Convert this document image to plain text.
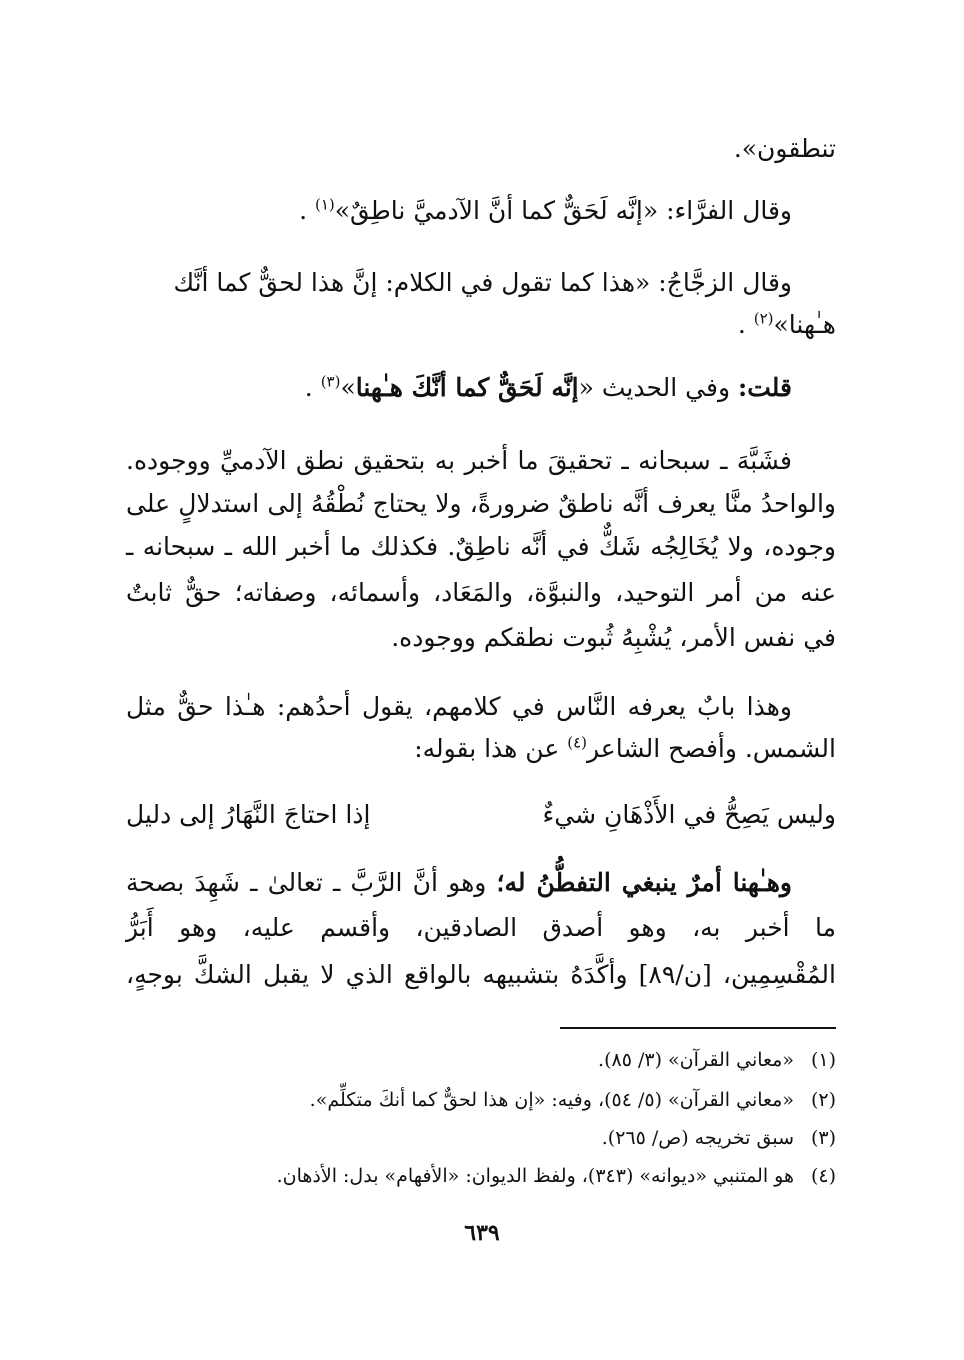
تنطقون».
وقال الفرَّاء: «إنَّه لَحَقٌّ كما أنَّ الآدميَّ ناطِقٌ»$^{(١)}$ .
وقال الزجَّاجُ: «هذا كما تقول في الكلام: إنَّ هذا لحقٌّ كما أنَّك
هـٰهنا»$^{(٢)}$ .
قلت: وفي الحديث «إنَّه لَحَقٌّ كما أنَّكَ هـٰهنا»$^{(٣)}$ .
فشَبَّهَ ـ سبحانه ـ تحقيقَ ما أخبر به بتحقيق نطق الآدميِّ ووجوده.
والواحدُ منَّا يعرف أنَّه ناطقٌ ضرورةً، ولا يحتاج نُطْقُهُ إلى استدلالٍ على
وجوده، ولا يُخَالِجُه شَكٌّ في أنَّه ناطِقٌ. فكذلك ما أخبر الله ـ سبحانه ـ
عنه من أمر التوحيد، والنبوَّة، والمَعَاد، وأسمائه، وصفاته؛ حقٌّ ثابتٌ
في نفس الأمر، يُشْبِهُ ثُبوت نطقكم ووجوده.
وهذا بابٌ يعرفه النَّاس في كلامهم، يقول أحدُهم: هـٰذا حقٌّ مثل
الشمس. وأفصح الشاعر$^{(٤)}$ عن هذا بقوله:
وليس يَصِحُّ في الأَذْهَانِ شيءٌ
إذا احتاجَ النَّهَارُ إلى دليل
وهـٰهنا أمرٌ ينبغي التفطُّنُ له؛ وهو أنَّ الرَّبَّ ـ تعالىٰ ـ شَهِدَ بصحة
ما أخبر به، وهو أصدق الصادقين، وأقسم عليه، وهو أَبَرُّ
المُقْسِمِين، [ن/٨٩] وأكَّدَهُ بتشبيهه بالواقع الذي لا يقبل الشكَّ بوجهٍ،
(١)«معاني القرآن» (٣/ ٨٥).
(٢)«معاني القرآن» (٥/ ٥٤)، وفيه: «إن هذا لحقٌّ كما أنكَ متكلِّم».
(٣)سبق تخريجه (ص/ ٢٦٥).
(٤)هو المتنبي «ديوانه» (٣٤٣)، ولفظ الديوان: «الأفهام» بدل: الأذهان.
٦٣٩
